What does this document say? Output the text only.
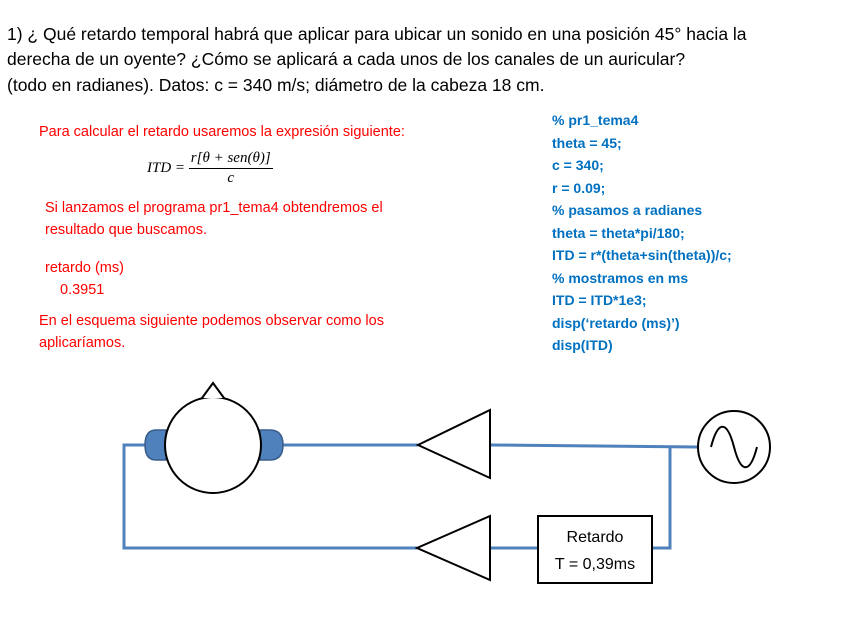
1) ¿ Qué retardo temporal habrá que aplicar para ubicar un sonido en una posición 45° hacia la
derecha de un oyente? ¿Cómo se aplicará a cada unos de los canales de un auricular?
(todo en radianes). Datos: c = 340 m/s; diámetro de la cabeza 18 cm.
Para calcular el retardo usaremos la expresión siguiente:
ITD = $\frac{\text{r[θ + sen(θ)]}}{c}$
Si lanzamos el programa pr1_tema4 obtendremos el
resultado que buscamos.
retardo (ms)
0.3951
En el esquema siguiente podemos observar como los
aplicaríamos.
% pr1_tema4
theta = 45;
c = 340;
r = 0.09;
% pasamos a radianes
theta = theta*pi/180;
ITD = r*(theta+sin(theta))/c;
% mostramos en ms
ITD = ITD*1e3;
disp(‘retardo (ms)’)
disp(ITD)
Retardo
T = 0,39ms
